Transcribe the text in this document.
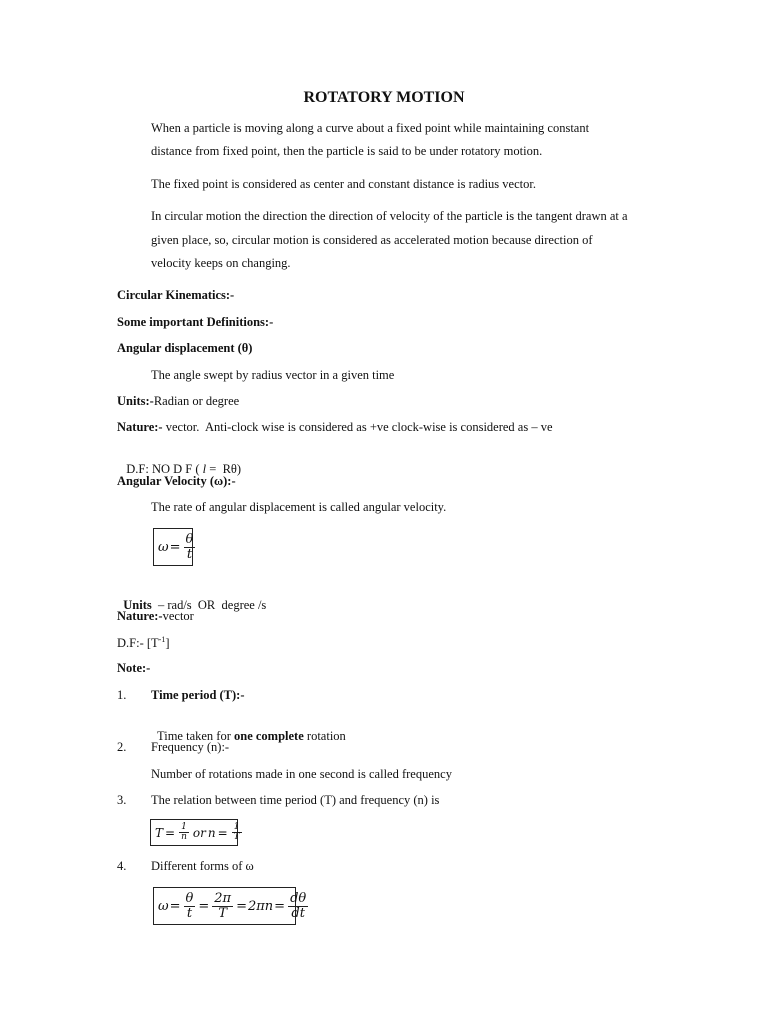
ROTATORY MOTION
When a particle is moving along a curve about a fixed point while maintaining constant
distance from fixed point, then the particle is said to be under rotatory motion.
The fixed point is considered as center and constant distance is radius vector.
In circular motion the direction the direction of velocity of the particle is the tangent drawn at a
given place, so, circular motion is considered as accelerated motion because direction of
velocity keeps on changing.
Circular Kinematics:-
Some important Definitions:-
Angular displacement (θ)
The angle swept by radius vector in a given time
Units:-Radian or degree
Nature:- vector.  Anti-clock wise is considered as +ve clock-wise is considered as – ve

D.F: NO D F ( l =  Rθ)

Angular Velocity (ω):-
The rate of angular displacement is called angular velocity.
$\omega = \frac{\theta}{t}$

Units  – rad/s  OR  degree /s

Nature:-vector
D.F:- $[T^{-1}]$
Note:-
1. Time period (T):-

Time taken for one complete rotation

2. Frequency (n):-
Number of rotations made in one second is called frequency
3. The relation between time period (T) and frequency (n) is
$T = \frac{1}{n}$ or $n = \frac{1}{T}$
4. Different forms of ω
$\omega = \frac{\theta}{t} = \frac{2\pi}{T} = 2\pi n = \frac{d\theta}{dt}$
